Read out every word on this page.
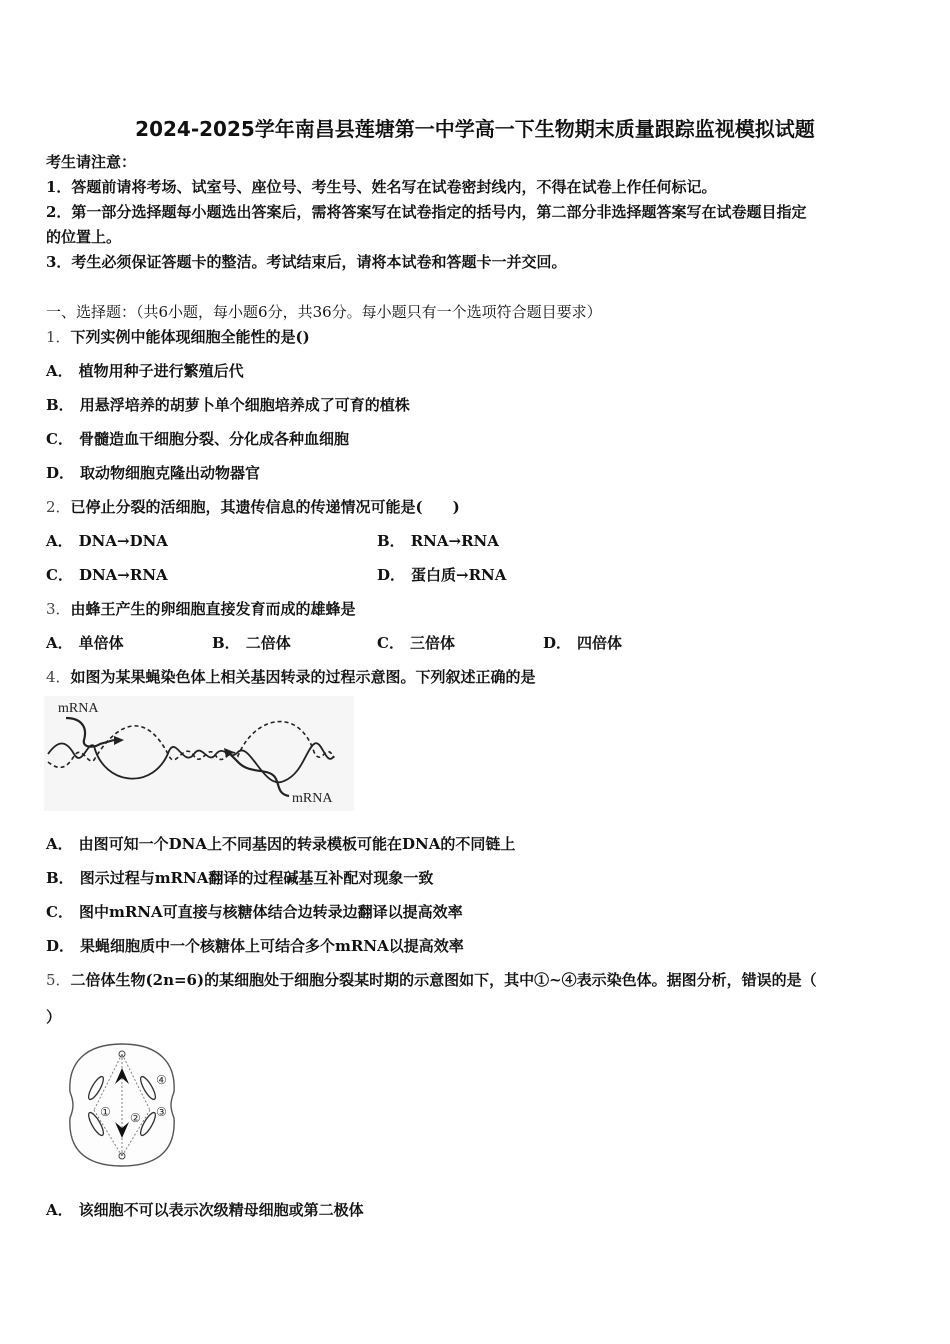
2024-2025学年南昌县莲塘第一中学高一下生物期末质量跟踪监视模拟试题
考生请注意：
1．答题前请将考场、试室号、座位号、考生号、姓名写在试卷密封线内，不得在试卷上作任何标记。
2．第一部分选择题每小题选出答案后，需将答案写在试卷指定的括号内，第二部分非选择题答案写在试卷题目指定
的位置上。
3．考生必须保证答题卡的整洁。考试结束后，请将本试卷和答题卡一并交回。
一、选择题：（共6小题，每小题6分，共36分。每小题只有一个选项符合题目要求）
1．下列实例中能体现细胞全能性的是()
A． 植物用种子进行繁殖后代
B． 用悬浮培养的胡萝卜单个细胞培养成了可育的植株
C． 骨髓造血干细胞分裂、分化成各种血细胞
D． 取动物细胞克隆出动物器官
2．已停止分裂的活细胞，其遗传信息的传递情况可能是(　　)
A． DNA→DNA	B． RNA→RNA
C． DNA→RNA	D． 蛋白质→RNA
3．由蜂王产生的卵细胞直接发育而成的雄蜂是
A． 单倍体	B． 二倍体	C． 三倍体	D． 四倍体
4．如图为某果蝇染色体上相关基因转录的过程示意图。下列叙述正确的是
mRNA
mRNA
A． 由图可知一个DNA上不同基因的转录模板可能在DNA的不同链上
B． 图示过程与mRNA翻译的过程碱基互补配对现象一致
C． 图中mRNA可直接与核糖体结合边转录边翻译以提高效率
D． 果蝇细胞质中一个核糖体上可结合多个mRNA以提高效率
5．二倍体生物(2n=6)的某细胞处于细胞分裂某时期的示意图如下，其中①~④表示染色体。据图分析，错误的是（
）
① ② ③
④
A． 该细胞不可以表示次级精母细胞或第二极体
